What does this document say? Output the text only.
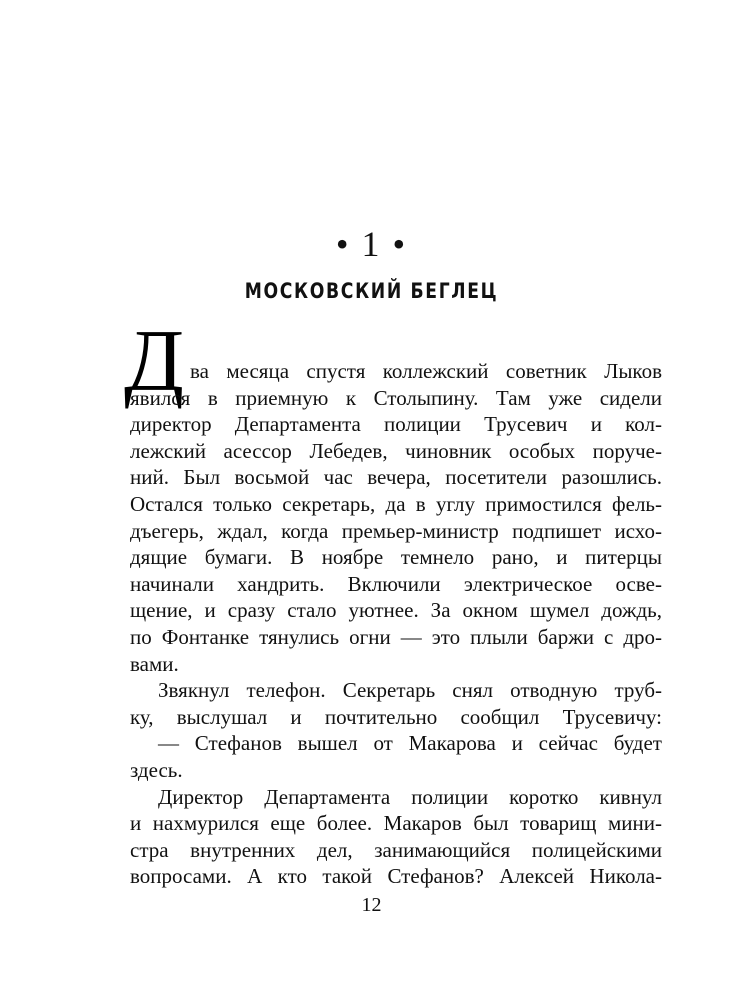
• 1 •
МОСКОВСКИЙ БЕГЛЕЦ
Д ва месяца спустя коллежский советник Лыков
явился в приемную к Столыпину. Там уже сидели
директор Департамента полиции Трусевич и кол-
лежский асессор Лебедев, чиновник особых поруче-
ний. Был восьмой час вечера, посетители разошлись.
Остался только секретарь, да в углу примостился фель-
дъегерь, ждал, когда премьер-министр подпишет исхо-
дящие бумаги. В ноябре темнело рано, и питерцы
начинали хандрить. Включили электрическое осве-
щение, и сразу стало уютнее. За окном шумел дождь,
по Фонтанке тянулись огни — это плыли баржи с дро-
вами.
Звякнул телефон. Секретарь снял отводную труб-
ку, выслушал и почтительно сообщил Трусевичу:
— Стефанов вышел от Макарова и сейчас будет
здесь.
Директор Департамента полиции коротко кивнул
и нахмурился еще более. Макаров был товарищ мини-
стра внутренних дел, занимающийся полицейскими
вопросами. А кто такой Стефанов? Алексей Никола-
12
